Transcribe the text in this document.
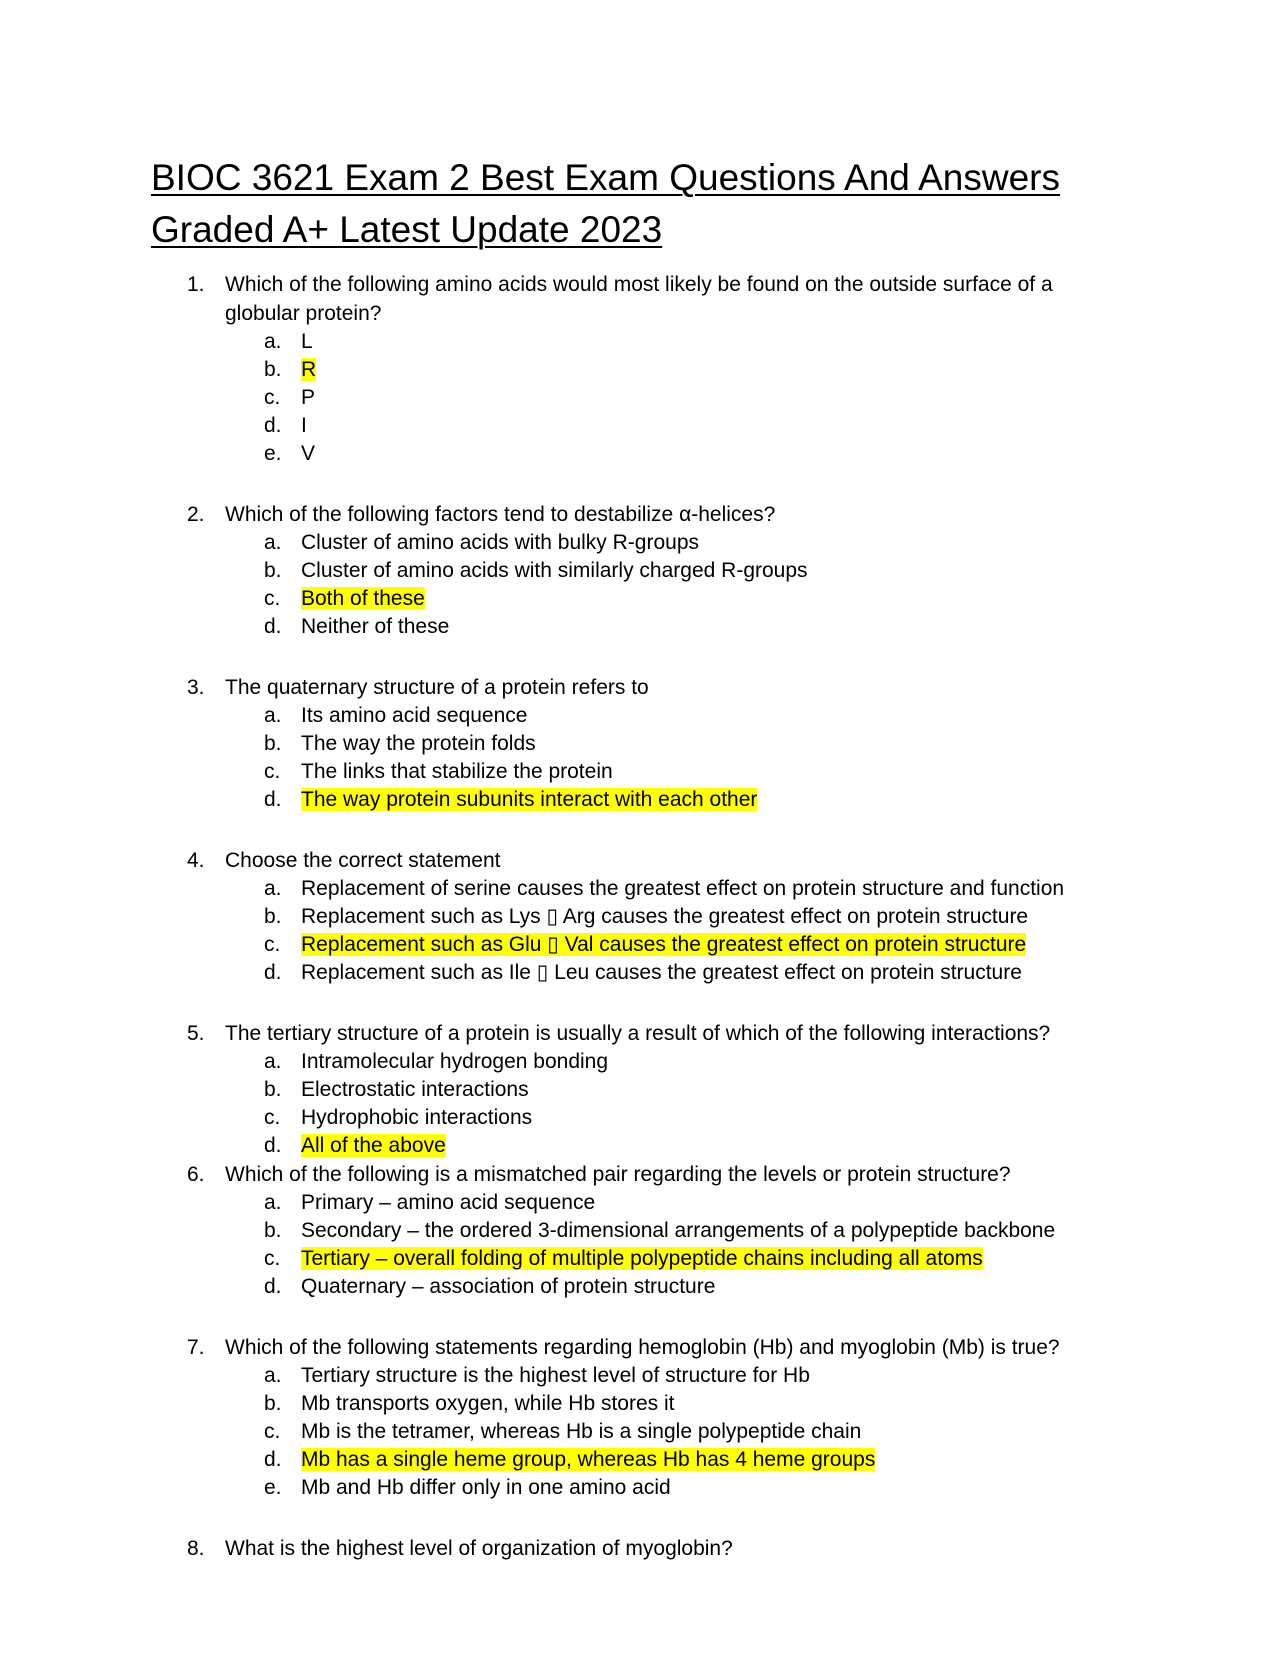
BIOC 3621 Exam 2 Best Exam Questions And Answers Graded A+ Latest Update 2023
1. Which of the following amino acids would most likely be found on the outside surface of a globular protein?
a. L
b. R
c. P
d. I
e. V
2. Which of the following factors tend to destabilize α-helices?
a. Cluster of amino acids with bulky R-groups
b. Cluster of amino acids with similarly charged R-groups
c. Both of these
d. Neither of these
3. The quaternary structure of a protein refers to
a. Its amino acid sequence
b. The way the protein folds
c. The links that stabilize the protein
d. The way protein subunits interact with each other
4. Choose the correct statement
a. Replacement of serine causes the greatest effect on protein structure and function
b. Replacement such as Lys ▯ Arg causes the greatest effect on protein structure
c. Replacement such as Glu ▯ Val causes the greatest effect on protein structure
d. Replacement such as Ile ▯ Leu causes the greatest effect on protein structure
5. The tertiary structure of a protein is usually a result of which of the following interactions?
a. Intramolecular hydrogen bonding
b. Electrostatic interactions
c. Hydrophobic interactions
d. All of the above
6. Which of the following is a mismatched pair regarding the levels or protein structure?
a. Primary – amino acid sequence
b. Secondary – the ordered 3-dimensional arrangements of a polypeptide backbone
c. Tertiary – overall folding of multiple polypeptide chains including all atoms
d. Quaternary – association of protein structure
7. Which of the following statements regarding hemoglobin (Hb) and myoglobin (Mb) is true?
a. Tertiary structure is the highest level of structure for Hb
b. Mb transports oxygen, while Hb stores it
c. Mb is the tetramer, whereas Hb is a single polypeptide chain
d. Mb has a single heme group, whereas Hb has 4 heme groups
e. Mb and Hb differ only in one amino acid
8. What is the highest level of organization of myoglobin?
